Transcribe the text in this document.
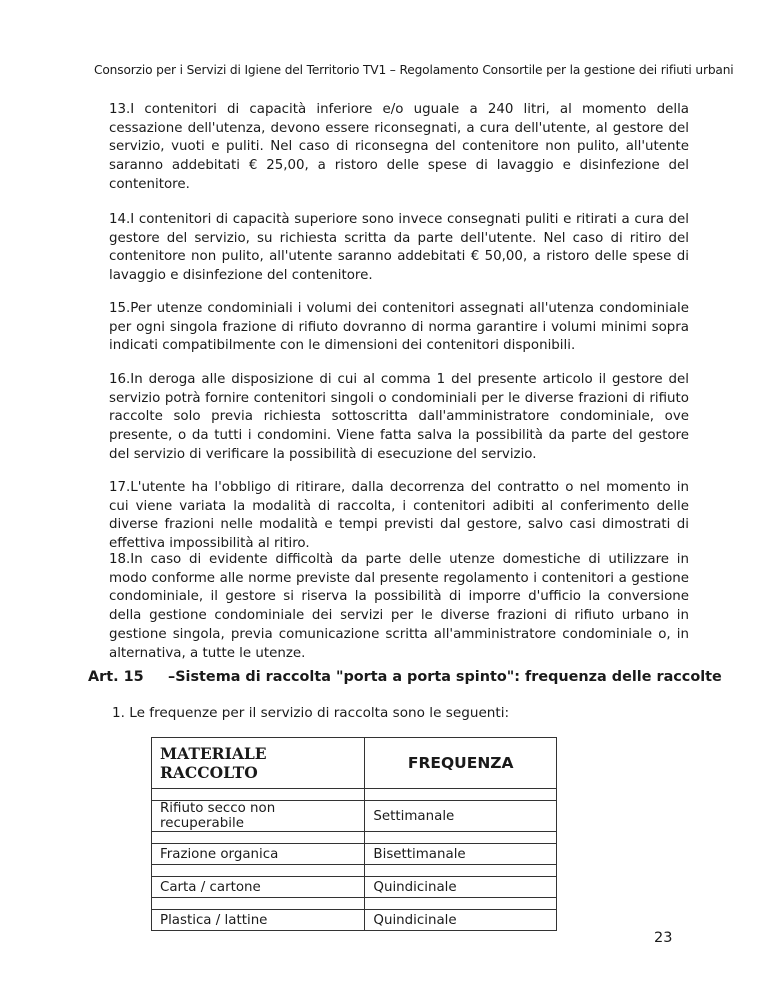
Consorzio per i Servizi di Igiene del Territorio TV1 – Regolamento Consortile per la gestione dei rifiuti urbani
13.I contenitori di capacità inferiore e/o uguale a 240 litri, al momento della cessazione dell'utenza, devono essere riconsegnati, a cura dell'utente, al gestore del servizio, vuoti e puliti. Nel caso di riconsegna del contenitore non pulito, all'utente saranno addebitati € 25,00, a ristoro delle spese di lavaggio e disinfezione del contenitore.
14.I contenitori di capacità superiore sono invece consegnati puliti e ritirati a cura del gestore del servizio, su richiesta scritta da parte dell'utente. Nel caso di ritiro del contenitore non pulito, all'utente saranno addebitati € 50,00, a ristoro delle spese di lavaggio e disinfezione del contenitore.
15.Per utenze condominiali i volumi dei contenitori assegnati all'utenza condominiale per ogni singola frazione di rifiuto dovranno di norma garantire i volumi minimi sopra indicati compatibilmente con le dimensioni dei contenitori disponibili.
16.In deroga alle disposizione di cui al comma 1 del presente articolo il gestore del servizio potrà fornire contenitori singoli o condominiali per le diverse frazioni di rifiuto raccolte solo previa richiesta sottoscritta dall'amministratore condominiale, ove presente, o da tutti i condomini. Viene fatta salva la possibilità da parte del gestore del servizio di verificare la possibilità di esecuzione del servizio.
17.L'utente ha l'obbligo di ritirare, dalla decorrenza del contratto o nel momento in cui viene variata la modalità di raccolta, i contenitori adibiti al conferimento delle diverse frazioni nelle modalità e tempi previsti dal gestore, salvo casi dimostrati di effettiva impossibilità al ritiro.
18.In caso di evidente difficoltà da parte delle utenze domestiche di utilizzare in modo conforme alle norme previste dal presente regolamento i contenitori a gestione condominiale, il gestore si riserva la possibilità di imporre d'ufficio la conversione della gestione condominiale dei servizi per le diverse frazioni di rifiuto urbano in gestione singola, previa comunicazione scritta all'amministratore condominiale o, in alternativa, a tutte le utenze.
Art. 15 –Sistema di raccolta "porta a porta spinto": frequenza delle raccolte
1. Le frequenze per il servizio di raccolta sono le seguenti:
MATERIALE RACCOLTO	FREQUENZA

Rifiuto secco non recuperabile	Settimanale

Frazione organica	Bisettimanale

Carta / cartone	Quindicinale

Plastica / lattine	Quindicinale
23
